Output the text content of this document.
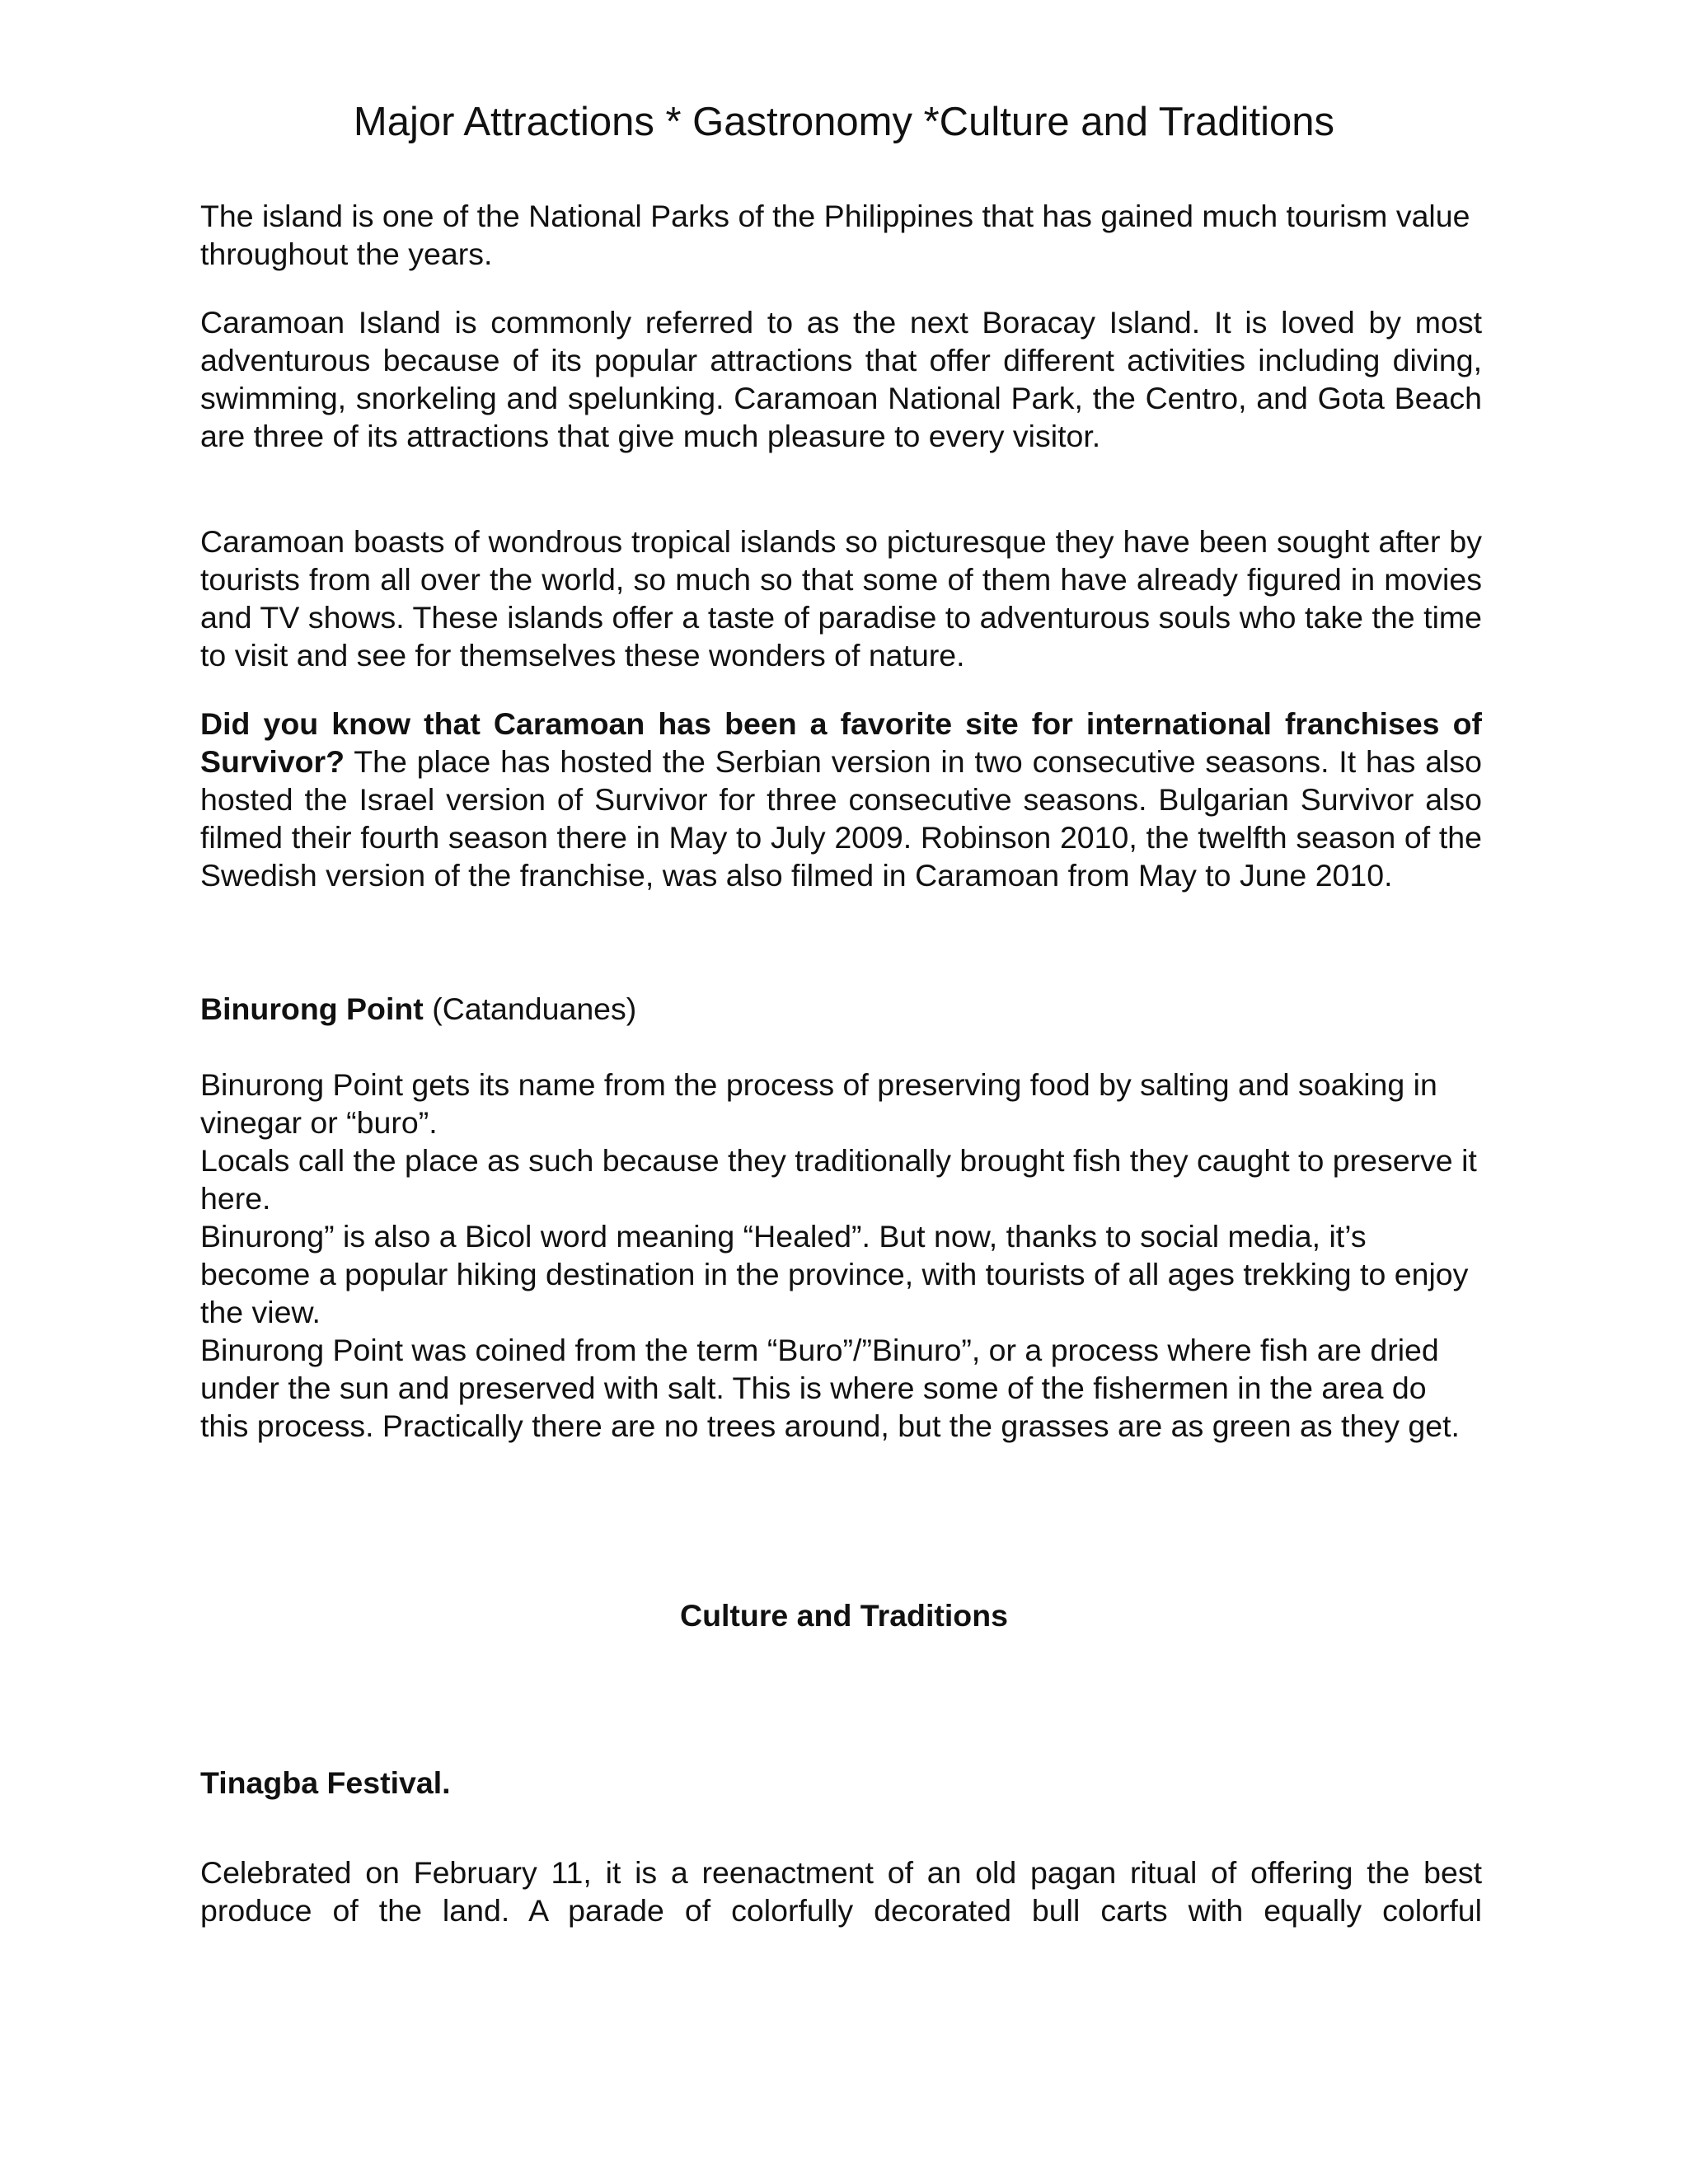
Major Attractions * Gastronomy *Culture and Traditions

The island is one of the National Parks of the Philippines that has gained much tourism value throughout the years.

Caramoan Island is commonly referred to as the next Boracay Island. It is loved by most adventurous because of its popular attractions that offer different activities including diving, swimming, snorkeling and spelunking. Caramoan National Park, the Centro, and Gota Beach are three of its attractions that give much pleasure to every visitor.

Caramoan boasts of wondrous tropical islands so picturesque they have been sought after by tourists from all over the world, so much so that some of them have already figured in movies and TV shows. These islands offer a taste of paradise to adventurous souls who take the time to visit and see for themselves these wonders of nature.

Did you know that Caramoan has been a favorite site for international franchises of Survivor? The place has hosted the Serbian version in two consecutive seasons. It has also hosted the Israel version of Survivor for three consecutive seasons. Bulgarian Survivor also filmed their fourth season there in May to July 2009. Robinson 2010, the twelfth season of the Swedish version of the franchise, was also filmed in Caramoan from May to June 2010.

Binurong Point (Catanduanes)

Binurong Point gets its name from the process of preserving food by salting and soaking in vinegar or “buro”.
Locals call the place as such because they traditionally brought fish they caught to preserve it here.
Binurong” is also a Bicol word meaning “Healed”. But now, thanks to social media, it’s become a popular hiking destination in the province, with tourists of all ages trekking to enjoy the view.
Binurong Point was coined from the term “Buro”/”Binuro”, or a process where fish are dried under the sun and preserved with salt. This is where some of the fishermen in the area do this process. Practically there are no trees around, but the grasses are as green as they get.
Culture and Traditions

Tinagba Festival.

Celebrated on February 11, it is a reenactment of an old pagan ritual of offering the best produce of the land. A parade of colorfully decorated bull carts with equally colorful
